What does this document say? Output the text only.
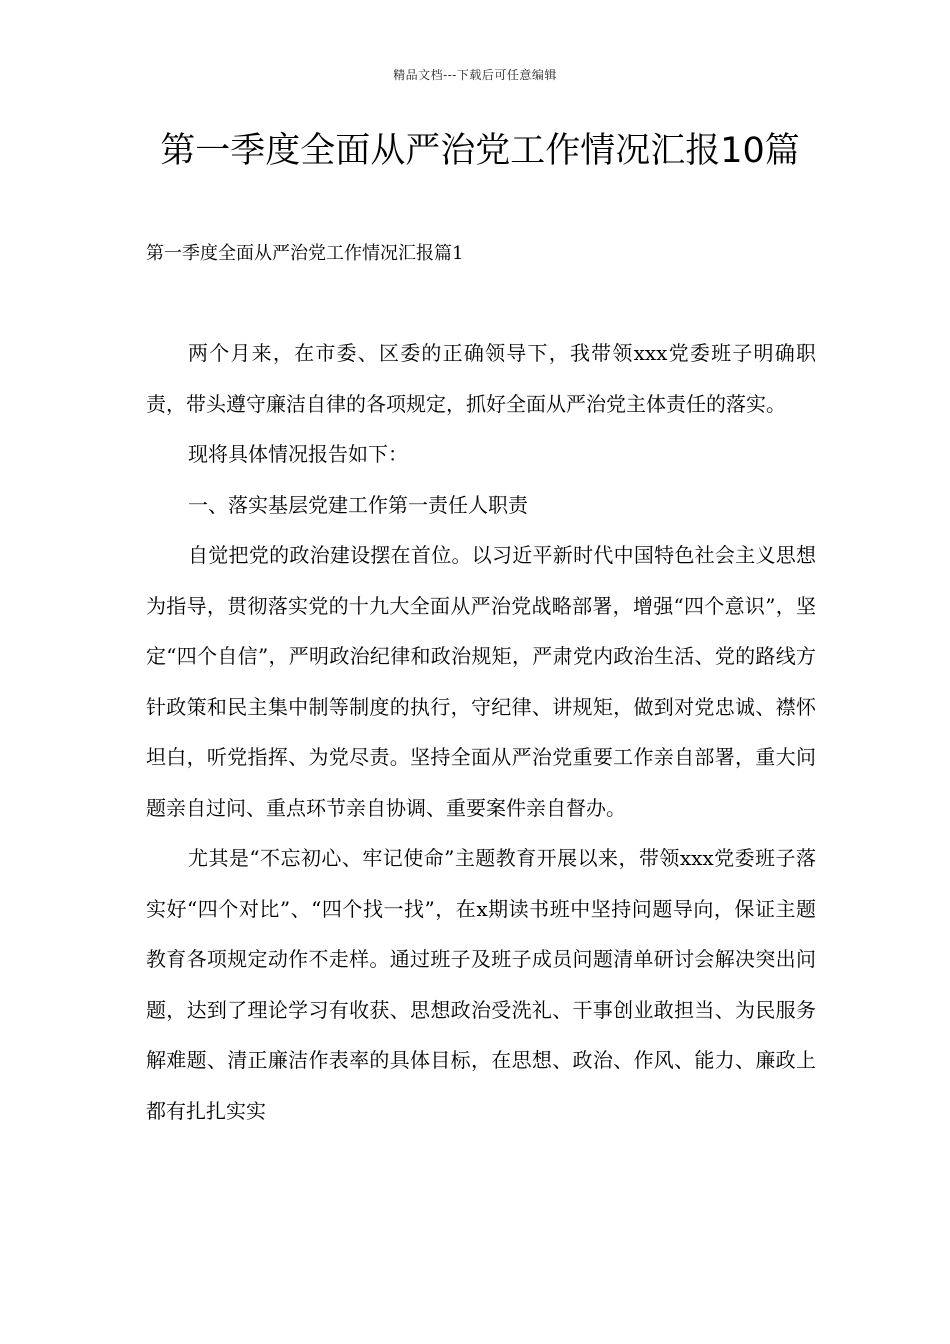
精品文档---下载后可任意编辑
第一季度全面从严治党工作情况汇报10篇
第一季度全面从严治党工作情况汇报篇1

两个月来，在市委、区委的正确领导下，我带领xxx党委班子明确职责，带头遵守廉洁自律的各项规定，抓好全面从严治党主体责任的落实。

现将具体情况报告如下：

一、落实基层党建工作第一责任人职责

自觉把党的政治建设摆在首位。以习近平新时代中国特色社会主义思想为指导，贯彻落实党的十九大全面从严治党战略部署，增强“四个意识”，坚定“四个自信”，严明政治纪律和政治规矩，严肃党内政治生活、党的路线方针政策和民主集中制等制度的执行，守纪律、讲规矩，做到对党忠诚、襟怀坦白，听党指挥、为党尽责。坚持全面从严治党重要工作亲自部署，重大问题亲自过问、重点环节亲自协调、重要案件亲自督办。

尤其是“不忘初心、牢记使命”主题教育开展以来，带领xxx党委班子落实好“四个对比”、“四个找一找”，在x期读书班中坚持问题导向，保证主题教育各项规定动作不走样。通过班子及班子成员问题清单研讨会解决突出问题，达到了理论学习有收获、思想政治受洗礼、干事创业敢担当、为民服务解难题、清正廉洁作表率的具体目标，在思想、政治、作风、能力、廉政上都有扎扎实实
